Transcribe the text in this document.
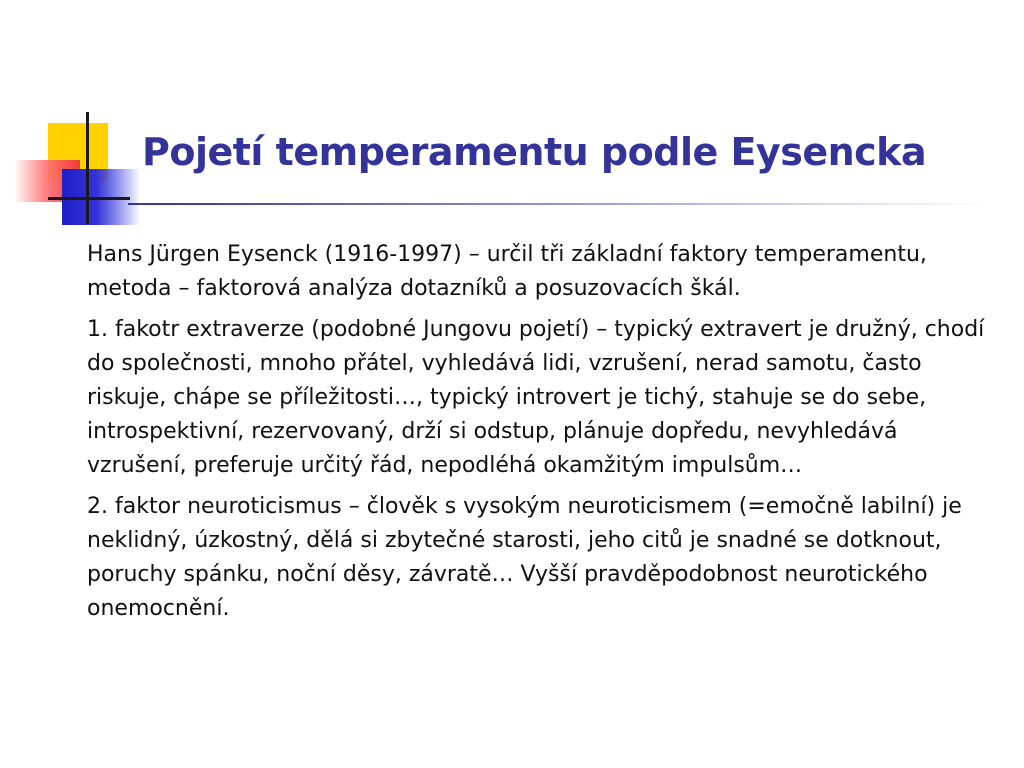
Pojetí temperamentu podle Eysencka

Hans Jürgen Eysenck (1916-1997) – určil tři základní faktory temperamentu, metoda – faktorová analýza dotazníků a posuzovacích škál.

1. fakotr extraverze (podobné Jungovu pojetí) – typický extravert je družný, chodí do společnosti, mnoho přátel, vyhledává lidi, vzrušení, nerad samotu, často riskuje, chápe se příležitosti…, typický introvert je tichý, stahuje se do sebe, introspektivní, rezervovaný, drží si odstup, plánuje dopředu, nevyhledává vzrušení, preferuje určitý řád, nepodléhá okamžitým impulsům…

2. faktor neuroticismus – člověk s vysokým neuroticismem (=emočně labilní) je neklidný, úzkostný, dělá si zbytečné starosti, jeho citů je snadné se dotknout, poruchy spánku, noční děsy, závratě… Vyšší pravděpodobnost neurotického onemocnění.
